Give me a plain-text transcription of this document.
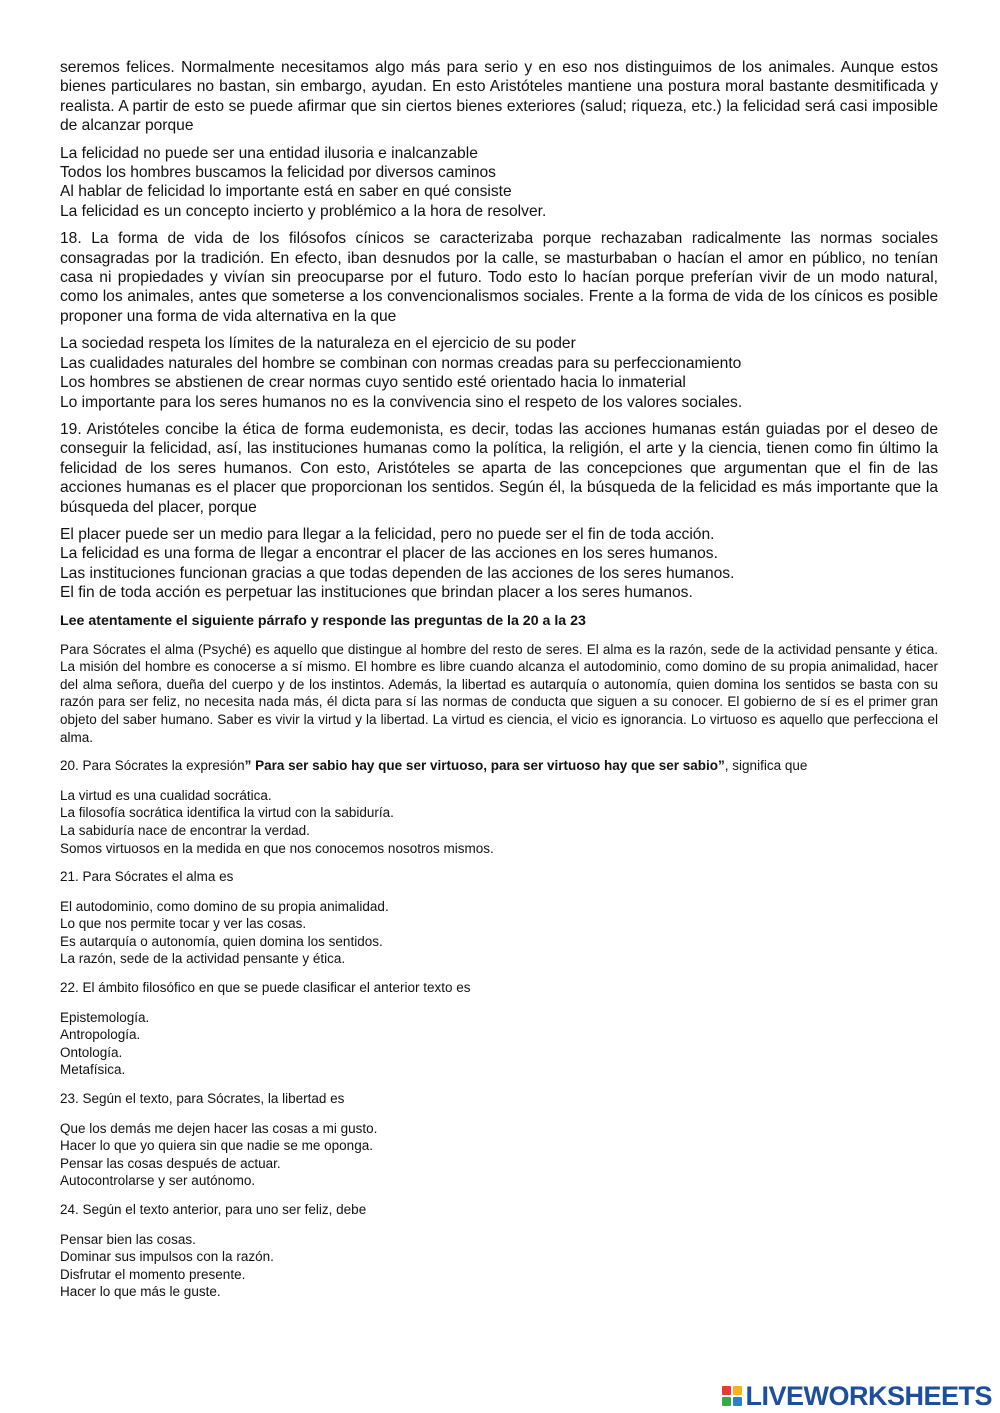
seremos felices. Normalmente necesitamos algo más para serio y en eso nos distinguimos de los animales. Aunque estos bienes particulares no bastan, sin embargo, ayudan. En esto Aristóteles mantiene una postura moral bastante desmitificada y realista. A partir de esto se puede afirmar que sin ciertos bienes exteriores (salud; riqueza, etc.) la felicidad será casi imposible de alcanzar porque

La felicidad no puede ser una entidad ilusoria e inalcanzable
Todos los hombres buscamos la felicidad por diversos caminos
Al hablar de felicidad lo importante está en saber en qué consiste
La felicidad es un concepto incierto y problémico a la hora de resolver.

18. La forma de vida de los filósofos cínicos se caracterizaba porque rechazaban radicalmente las normas sociales consagradas por la tradición. En efecto, iban desnudos por la calle, se masturbaban o hacían el amor en público, no tenían casa ni propiedades y vivían sin preocuparse por el futuro. Todo esto lo hacían porque preferían vivir de un modo natural, como los animales, antes que someterse a los convencionalismos sociales. Frente a la forma de vida de los cínicos es posible proponer una forma de vida alternativa en la que

La sociedad respeta los límites de la naturaleza en el ejercicio de su poder
Las cualidades naturales del hombre se combinan con normas creadas para su perfeccionamiento
Los hombres se abstienen de crear normas cuyo sentido esté orientado hacia lo inmaterial
Lo importante para los seres humanos no es la convivencia sino el respeto de los valores sociales.

19. Aristóteles concibe la ética de forma eudemonista, es decir, todas las acciones humanas están guiadas por el deseo de conseguir la felicidad, así, las instituciones humanas como la política, la religión, el arte y la ciencia, tienen como fin último la felicidad de los seres humanos. Con esto, Aristóteles se aparta de las concepciones que argumentan que el fin de las acciones humanas es el placer que proporcionan los sentidos. Según él, la búsqueda de la felicidad es más importante que la búsqueda del placer, porque

El placer puede ser un medio para llegar a la felicidad, pero no puede ser el fin de toda acción.
La felicidad es una forma de llegar a encontrar el placer de las acciones en los seres humanos.
Las instituciones funcionan gracias a que todas dependen de las acciones de los seres humanos.
El fin de toda acción es perpetuar las instituciones que brindan placer a los seres humanos.
Lee atentamente el siguiente párrafo y responde las preguntas de la 20 a la 23

Para Sócrates el alma (Psyché) es aquello que distingue al hombre del resto de seres. El alma es la razón, sede de la actividad pensante y ética. La misión del hombre es conocerse a sí mismo. El hombre es libre cuando alcanza el autodominio, como domino de su propia animalidad, hacer del alma señora, dueña del cuerpo y de los instintos. Además, la libertad es autarquía o autonomía, quien domina los sentidos se basta con su razón para ser feliz, no necesita nada más, él dicta para sí las normas de conducta que siguen a su conocer. El gobierno de sí es el primer gran objeto del saber humano. Saber es vivir la virtud y la libertad. La virtud es ciencia, el vicio es ignorancia. Lo virtuoso es aquello que perfecciona el alma.

20. Para Sócrates la expresión” Para ser sabio hay que ser virtuoso, para ser virtuoso hay que ser sabio”, significa que
La virtud es una cualidad socrática.
La filosofía socrática identifica la virtud con la sabiduría.
La sabiduría nace de encontrar la verdad.
Somos virtuosos en la medida en que nos conocemos nosotros mismos.
21. Para Sócrates el alma es
El autodominio, como domino de su propia animalidad.
Lo que nos permite tocar y ver las cosas.
Es autarquía o autonomía, quien domina los sentidos.
La razón, sede de la actividad pensante y ética.
22. El ámbito filosófico en que se puede clasificar el anterior texto es
Epistemología.
Antropología.
Ontología.
Metafísica.
23. Según el texto, para Sócrates, la libertad es
Que los demás me dejen hacer las cosas a mi gusto.
Hacer lo que yo quiera sin que nadie se me oponga.
Pensar las cosas después de actuar.
Autocontrolarse y ser autónomo.
24. Según el texto anterior, para uno ser feliz, debe
Pensar bien las cosas.
Dominar sus impulsos con la razón.
Disfrutar el momento presente.
Hacer lo que más le guste.
LIVEWORKSHEETS
